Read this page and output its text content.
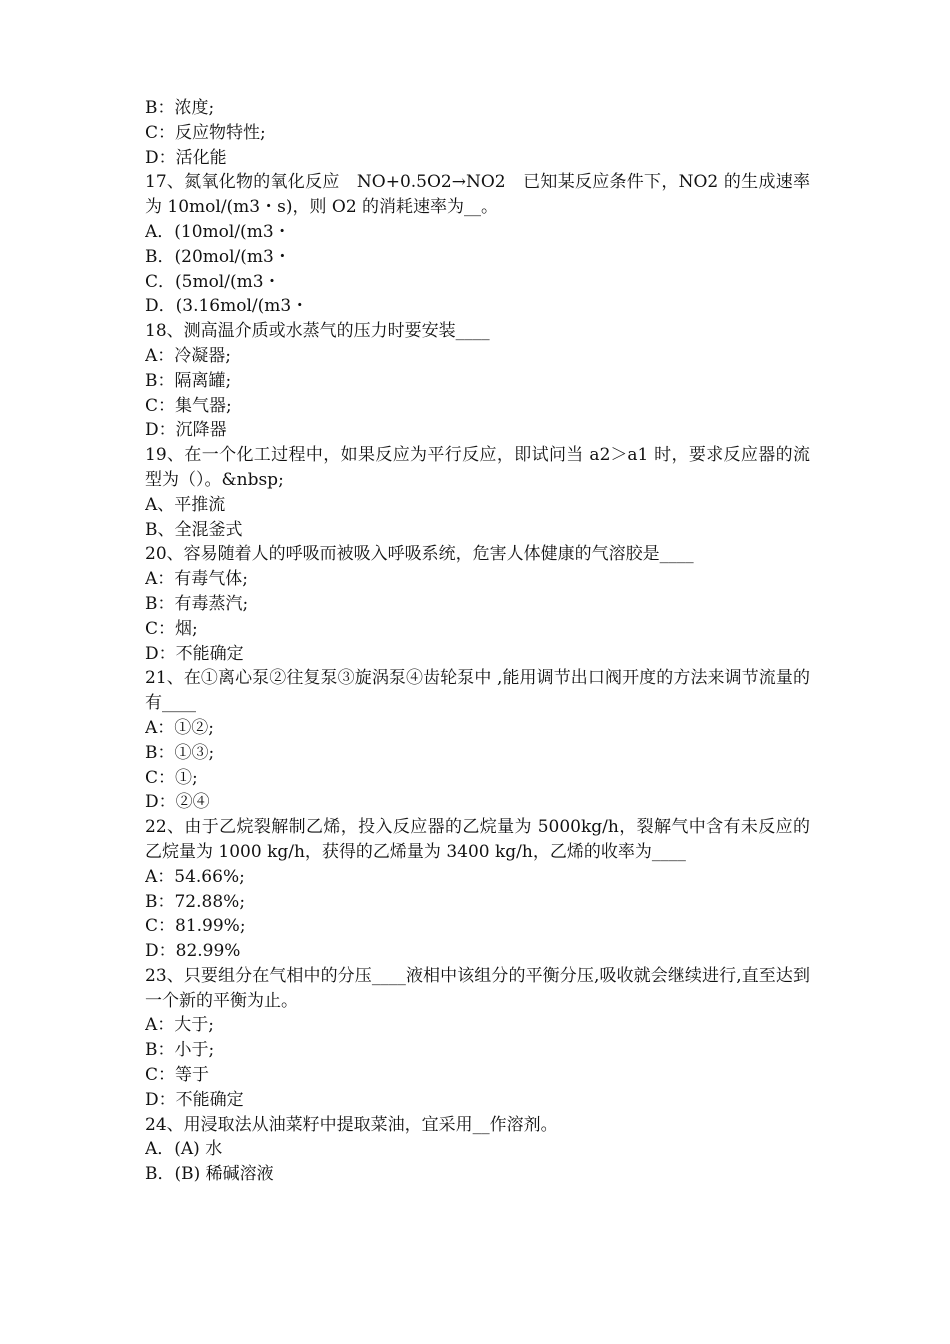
B：浓度;
C：反应物特性;
D：活化能
17、氮氧化物的氧化反应　NO+0.5O2→NO2　已知某反应条件下，NO2 的生成速率为 10mol/(m3・s)，则 O2 的消耗速率为__。
A．(10mol/(m3・
B．(20mol/(m3・
C．(5mol/(m3・
D．(3.16mol/(m3・
18、测高温介质或水蒸气的压力时要安装____
A：冷凝器;
B：隔离罐;
C：集气器;
D：沉降器
19、在一个化工过程中，如果反应为平行反应，即试问当 a2＞a1 时，要求反应器的流型为（）。&nbsp;
A、平推流
B、全混釜式
20、容易随着人的呼吸而被吸入呼吸系统，危害人体健康的气溶胶是____
A：有毒气体;
B：有毒蒸汽;
C：烟;
D：不能确定
21、在①离心泵②往复泵③旋涡泵④齿轮泵中 ,能用调节出口阀开度的方法来调节流量的有____
A：①②;
B：①③;
C：①;
D：②④
22、由于乙烷裂解制乙烯，投入反应器的乙烷量为 5000kg/h，裂解气中含有未反应的乙烷量为 1000 kg/h，获得的乙烯量为 3400 kg/h，乙烯的收率为____
A：54.66%;
B：72.88%;
C：81.99%;
D：82.99%
23、只要组分在气相中的分压____液相中该组分的平衡分压,吸收就会继续进行,直至达到一个新的平衡为止。
A：大于;
B：小于;
C：等于
D：不能确定
24、用浸取法从油菜籽中提取菜油，宜采用__作溶剂。
A．(A) 水
B．(B) 稀碱溶液
